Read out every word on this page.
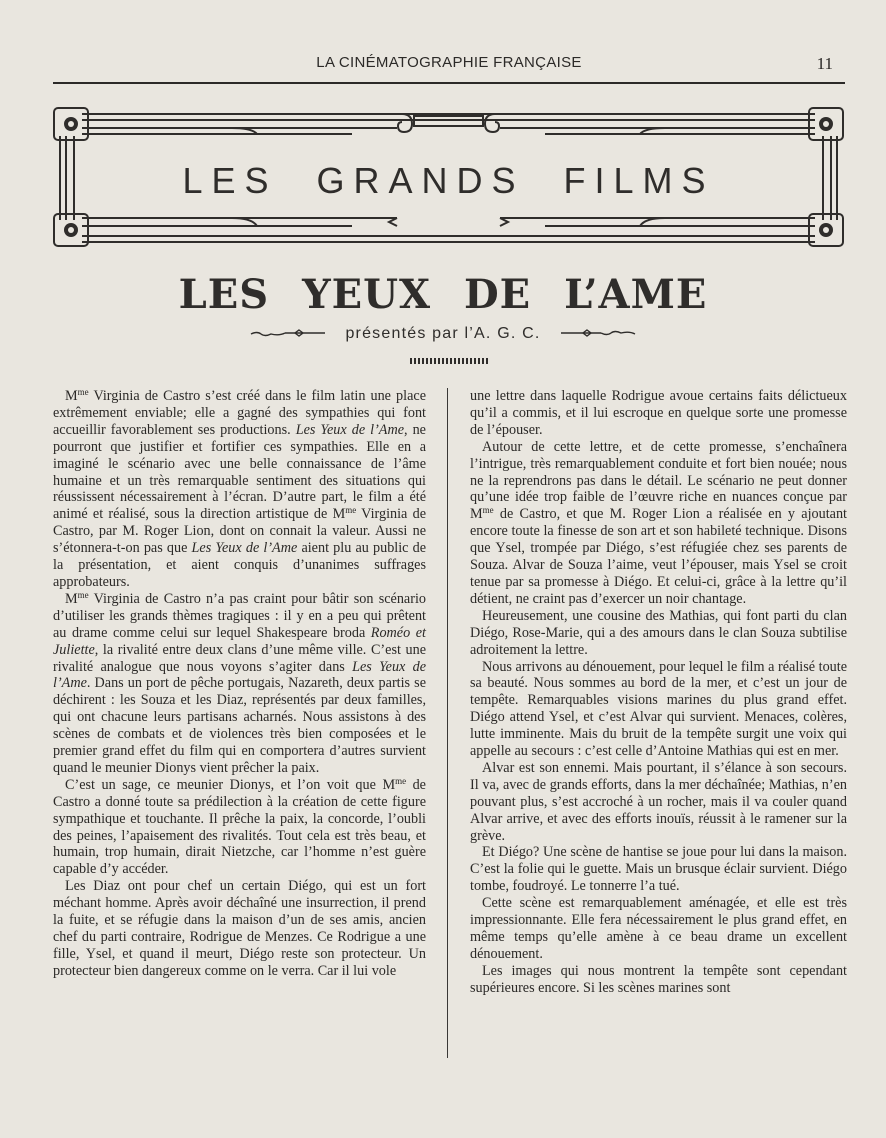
LA CINÉMATOGRAPHIE FRANÇAISE	11
LES GRANDS FILMS
LES YEUX DE L’AME
présentés par l’A. G. C.

$M^{me}$ Virginia de Castro s’est créé dans le film latin une place extrêmement enviable; elle a gagné des sympathies qui font accueillir favorablement ses productions. Les Yeux de l’Ame, ne pourront que justifier et fortifier ces sympathies. Elle en a imaginé le scénario avec une belle connaissance de l’âme humaine et un très remarquable sentiment des situations qui réussissent nécessairement à l’écran. D’autre part, le film a été animé et réalisé, sous la direction artistique de $M^{me}$ Virginia de Castro, par M. Roger Lion, dont on connait la valeur. Aussi ne s’étonnera-t-on pas que Les Yeux de l’Ame aient plu au public de la présentation, et aient conquis d’unanimes suffrages approbateurs.

$M^{me}$ Virginia de Castro n’a pas craint pour bâtir son scénario d’utiliser les grands thèmes tragiques : il y en a peu qui prêtent au drame comme celui sur lequel Shakespeare broda Roméo et Juliette, la rivalité entre deux clans d’une même ville. C’est une rivalité analogue que nous voyons s’agiter dans Les Yeux de l’Ame. Dans un port de pêche portugais, Nazareth, deux partis se déchirent : les Souza et les Diaz, représentés par deux familles, qui ont chacune leurs partisans acharnés. Nous assistons à des scènes de combats et de violences très bien composées et le premier grand effet du film qui en comportera d’autres survient quand le meunier Dionys vient prêcher la paix.

C’est un sage, ce meunier Dionys, et l’on voit que $M^{me}$ de Castro a donné toute sa prédilection à la création de cette figure sympathique et touchante. Il prêche la paix, la concorde, l’oubli des peines, l’apaisement des rivalités. Tout cela est très beau, et humain, trop humain, dirait Nietzche, car l’homme n’est guère capable d’y accéder.

Les Diaz ont pour chef un certain Diégo, qui est un fort méchant homme. Après avoir déchaîné une insurrection, il prend la fuite, et se réfugie dans la maison d’un de ses amis, ancien chef du parti contraire, Rodrigue de Menzes. Ce Rodrigue a une fille, Ysel, et quand il meurt, Diégo reste son protecteur. Un protecteur bien dangereux comme on le verra. Car il lui vole

une lettre dans laquelle Rodrigue avoue certains faits délictueux qu’il a commis, et il lui escroque en quelque sorte une promesse de l’épouser.

Autour de cette lettre, et de cette promesse, s’enchaînera l’intrigue, très remarquablement conduite et fort bien nouée; nous ne la reprendrons pas dans le détail. Le scénario ne peut donner qu’une idée trop faible de l’œuvre riche en nuances conçue par $M^{me}$ de Castro, et que M. Roger Lion a réalisée en y ajoutant encore toute la finesse de son art et son habileté technique. Disons que Ysel, trompée par Diégo, s’est réfugiée chez ses parents de Souza. Alvar de Souza l’aime, veut l’épouser, mais Ysel se croit tenue par sa promesse à Diégo. Et celui-ci, grâce à la lettre qu’il détient, ne craint pas d’exercer un noir chantage.

Heureusement, une cousine des Mathias, qui font parti du clan Diégo, Rose-Marie, qui a des amours dans le clan Souza subtilise adroitement la lettre.

Nous arrivons au dénouement, pour lequel le film a réalisé toute sa beauté. Nous sommes au bord de la mer, et c’est un jour de tempête. Remarquables visions marines du plus grand effet. Diégo attend Ysel, et c’est Alvar qui survient. Menaces, colères, lutte imminente. Mais du bruit de la tempête surgit une voix qui appelle au secours : c’est celle d’Antoine Mathias qui est en mer.

Alvar est son ennemi. Mais pourtant, il s’élance à son secours. Il va, avec de grands efforts, dans la mer déchaînée; Mathias, n’en pouvant plus, s’est accroché à un rocher, mais il va couler quand Alvar arrive, et avec des efforts inouïs, réussit à le ramener sur la grève.

Et Diégo? Une scène de hantise se joue pour lui dans la maison. C’est la folie qui le guette. Mais un brusque éclair survient. Diégo tombe, foudroyé. Le tonnerre l’a tué.

Cette scène est remarquablement aménagée, et elle est très impressionnante. Elle fera nécessairement le plus grand effet, en même temps qu’elle amène à ce beau drame un excellent dénouement.

Les images qui nous montrent la tempête sont cependant supérieures encore. Si les scènes marines sont
